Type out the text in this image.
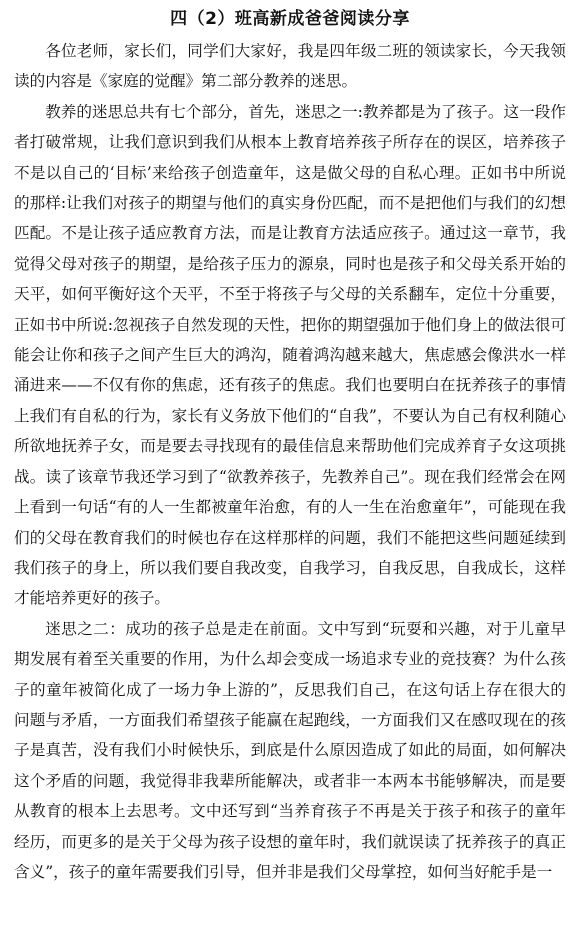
四（2）班高新成爸爸阅读分享

各位老师，家长们，同学们大家好，我是四年级二班的领读家长，今天我领读的内容是《家庭的觉醒》第二部分教养的迷思。

教养的迷思总共有七个部分，首先，迷思之一:教养都是为了孩子。这一段作者打破常规，让我们意识到我们从根本上教育培养孩子所存在的误区，培养孩子不是以自己的‘目标’来给孩子创造童年，这是做父母的自私心理。正如书中所说的那样:让我们对孩子的期望与他们的真实身份匹配，而不是把他们与我们的幻想匹配。不是让孩子适应教育方法，而是让教育方法适应孩子。通过这一章节，我觉得父母对孩子的期望，是给孩子压力的源泉，同时也是孩子和父母关系开始的天平，如何平衡好这个天平，不至于将孩子与父母的关系翻车，定位十分重要，正如书中所说:忽视孩子自然发现的天性，把你的期望强加于他们身上的做法很可能会让你和孩子之间产生巨大的鸿沟，随着鸿沟越来越大，焦虑感会像洪水一样涌进来——不仅有你的焦虑，还有孩子的焦虑。我们也要明白在抚养孩子的事情上我们有自私的行为，家长有义务放下他们的“自我”，不要认为自己有权利随心所欲地抚养子女，而是要去寻找现有的最佳信息来帮助他们完成养育子女这项挑战。读了该章节我还学习到了“欲教养孩子，先教养自己”。现在我们经常会在网上看到一句话“有的人一生都被童年治愈，有的人一生在治愈童年”，可能现在我们的父母在教育我们的时候也存在这样那样的问题，我们不能把这些问题延续到我们孩子的身上，所以我们要自我改变，自我学习，自我反思，自我成长，这样才能培养更好的孩子。

迷思之二：成功的孩子总是走在前面。文中写到“玩耍和兴趣，对于儿童早期发展有着至关重要的作用，为什么却会变成一场追求专业的竞技赛？为什么孩子的童年被简化成了一场力争上游的”，反思我们自己，在这句话上存在很大的问题与矛盾，一方面我们希望孩子能赢在起跑线，一方面我们又在感叹现在的孩子是真苦，没有我们小时候快乐，到底是什么原因造成了如此的局面，如何解决这个矛盾的问题，我觉得非我辈所能解决，或者非一本两本书能够解决，而是要从教育的根本上去思考。文中还写到“当养育孩子不再是关于孩子和孩子的童年经历，而更多的是关于父母为孩子设想的童年时，我们就误读了抚养孩子的真正含义”，孩子的童年需要我们引导，但并非是我们父母掌控，如何当好舵手是一
